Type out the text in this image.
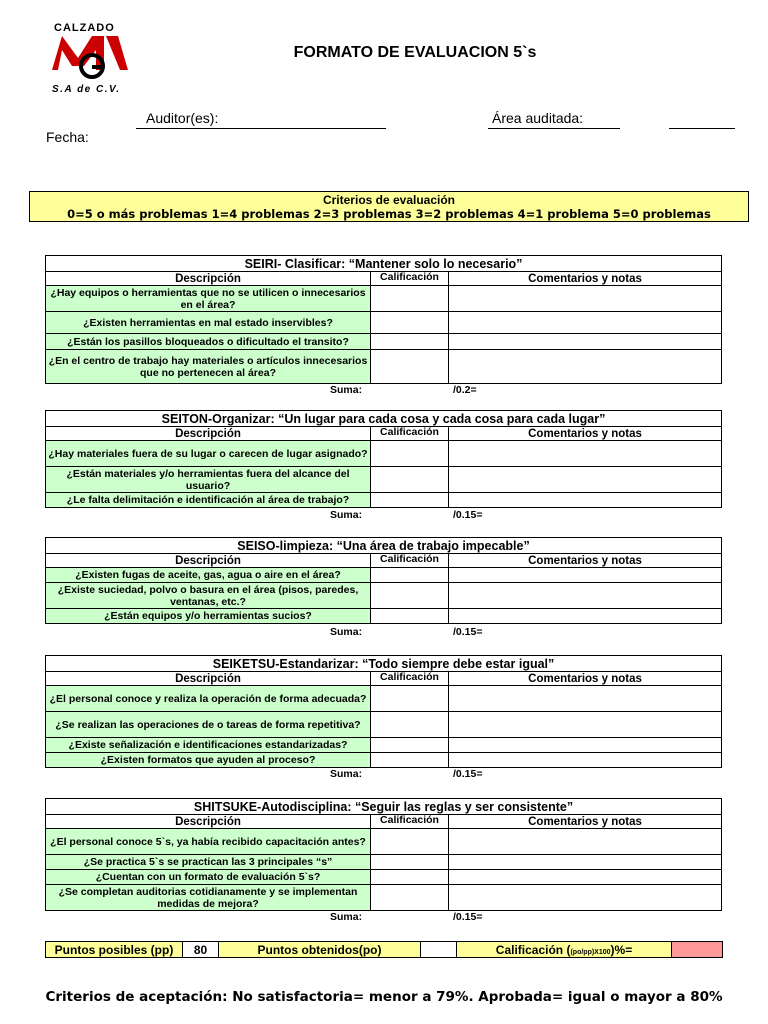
CALZADO
S.A de C.V.
FORMATO DE EVALUACION 5`s
Auditor(es):	Área auditada:
Fecha:
Criterios de evaluación
0=5 o más problemas 1=4 problemas 2=3 problemas 3=2 problemas 4=1 problema 5=0 problemas
SEIRI- Clasificar: “Mantener solo lo necesario”		
Descripción	Calificación	Comentarios y notas
¿Hay equipos o herramientas que no se utilicen o innecesarios en el área?		
¿Existen herramientas en mal estado inservibles?		
¿Están los pasillos bloqueados o dificultado el transito?		
¿En el centro de trabajo hay materiales o artículos innecesarios que no pertenecen al área?		
Suma:	/0.2=
SEITON-Organizar: “Un lugar para cada cosa y cada cosa para cada lugar”		
Descripción	Calificación	Comentarios y notas
¿Hay materiales fuera de su lugar o carecen de lugar asignado?		
¿Están materiales y/o herramientas fuera del alcance del usuario?		
¿Le falta delimitación e identificación al área de trabajo?		
Suma:	/0.15=
SEISO-limpieza: “Una área de trabajo impecable”		
Descripción	Calificación	Comentarios y notas
¿Existen fugas de aceite, gas, agua o aire en el área?		
¿Existe suciedad, polvo o basura en el área (pisos, paredes, ventanas, etc.?		
¿Están equipos y/o herramientas sucios?		
Suma:	/0.15=
SEIKETSU-Estandarizar: “Todo siempre debe estar igual”		
Descripción	Calificación	Comentarios y notas
¿El personal conoce y realiza la operación de forma adecuada?		
¿Se realizan las operaciones de o tareas de forma repetitiva?		
¿Existe señalización e identificaciones estandarizadas?		
¿Existen formatos que ayuden al proceso?		
Suma:	/0.15=
SHITSUKE-Autodisciplina: “Seguir las reglas y ser consistente”		
Descripción	Calificación	Comentarios y notas
¿El personal conoce 5`s, ya había recibido capacitación antes?		
¿Se practica 5`s se practican las 3 principales “s”		
¿Cuentan con un formato de evaluación 5`s?		
¿Se completan auditorias cotidianamente y se implementan medidas de mejora?		
Suma:	/0.15=
Puntos posibles (pp)	80	Puntos obtenidos(po)		Calificación ((po/pp)X100)%=	
Criterios de aceptación: No satisfactoria= menor a 79%. Aprobada= igual o mayor a 80%
